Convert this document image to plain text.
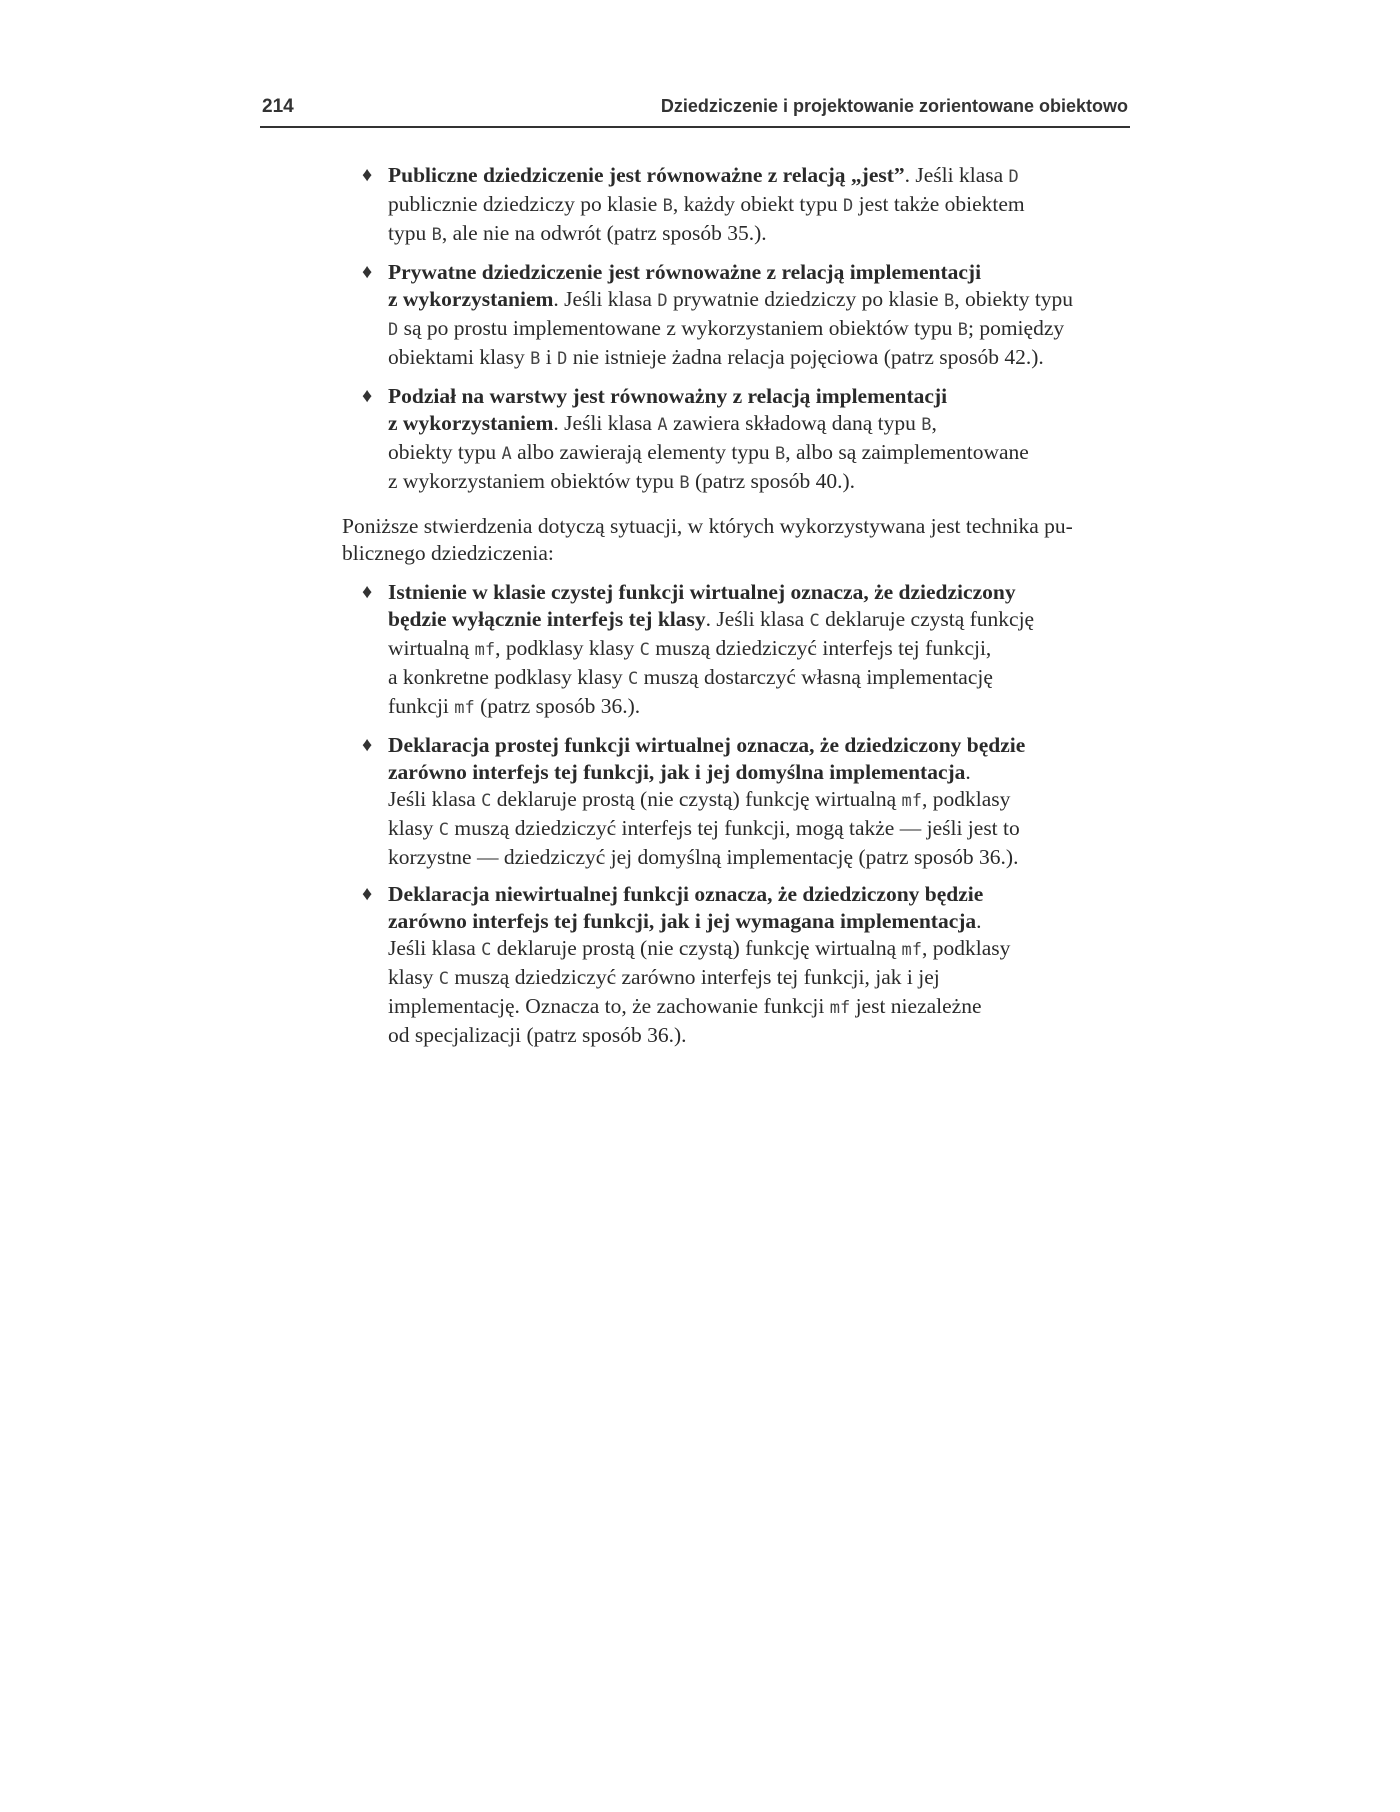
214	Dziedziczenie i projektowanie zorientowane obiektowo
♦ Publiczne dziedziczenie jest równoważne z relacją „jest”. Jeśli klasa D
publicznie dziedziczy po klasie B, każdy obiekt typu D jest także obiektem
typu B, ale nie na odwrót (patrz sposób 35.).
♦ Prywatne dziedziczenie jest równoważne z relacją implementacji
z wykorzystaniem. Jeśli klasa D prywatnie dziedziczy po klasie B, obiekty typu
D są po prostu implementowane z wykorzystaniem obiektów typu B; pomiędzy
obiektami klasy B i D nie istnieje żadna relacja pojęciowa (patrz sposób 42.).
♦ Podział na warstwy jest równoważny z relacją implementacji
z wykorzystaniem. Jeśli klasa A zawiera składową daną typu B,
obiekty typu A albo zawierają elementy typu B, albo są zaimplementowane
z wykorzystaniem obiektów typu B (patrz sposób 40.).
Poniższe stwierdzenia dotyczą sytuacji, w których wykorzystywana jest technika pu-
blicznego dziedziczenia:
♦ Istnienie w klasie czystej funkcji wirtualnej oznacza, że dziedziczony
będzie wyłącznie interfejs tej klasy. Jeśli klasa C deklaruje czystą funkcję
wirtualną mf, podklasy klasy C muszą dziedziczyć interfejs tej funkcji,
a konkretne podklasy klasy C muszą dostarczyć własną implementację
funkcji mf (patrz sposób 36.).
♦ Deklaracja prostej funkcji wirtualnej oznacza, że dziedziczony będzie
zarówno interfejs tej funkcji, jak i jej domyślna implementacja.
Jeśli klasa C deklaruje prostą (nie czystą) funkcję wirtualną mf, podklasy
klasy C muszą dziedziczyć interfejs tej funkcji, mogą także — jeśli jest to
korzystne — dziedziczyć jej domyślną implementację (patrz sposób 36.).
♦ Deklaracja niewirtualnej funkcji oznacza, że dziedziczony będzie
zarówno interfejs tej funkcji, jak i jej wymagana implementacja.
Jeśli klasa C deklaruje prostą (nie czystą) funkcję wirtualną mf, podklasy
klasy C muszą dziedziczyć zarówno interfejs tej funkcji, jak i jej
implementację. Oznacza to, że zachowanie funkcji mf jest niezależne
od specjalizacji (patrz sposób 36.).
